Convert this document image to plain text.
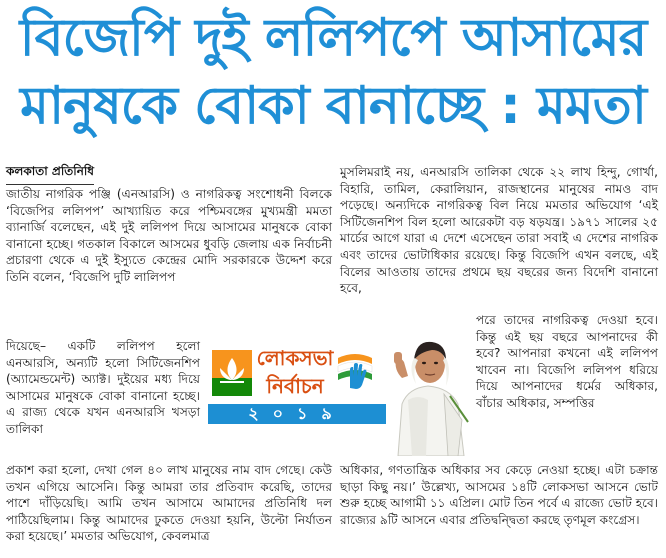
বিজেপি দুই ললিপপে আসামের
মানুষকে বোকা বানাচ্ছে : মমতা
কলকাতা প্রতিনিধি

জাতীয় নাগরিক পঞ্জি (এনআরসি) ও নাগরিকত্ব সংশোধনী বিলকে ‘বিজেপির ললিপপ’ আখ্যায়িত করে পশ্চিমবঙ্গের মুখ্যমন্ত্রী মমতা ব্যানার্জি বলেছেন, এই দুই ললিপপ দিয়ে আসামের মানুষকে বোকা বানানো হচ্ছে। গতকাল বিকালে আসমের ধুবড়ি জেলায় এক নির্বাচনী প্রচারণা থেকে এ দুই ইস্যুতে কেন্দ্রের মোদি সরকারকে উদ্দেশ করে তিনি বলেন, ‘বিজেপি দুটি লালিপপ

দিয়েছে– একটি ললিপপ হলো এনআরসি, অন্যটি হলো সিটিজেনশিপ (অ্যামেন্ডমেন্ট) অ্যাক্ট। দুইয়ের মধ্য দিয়ে আসামের মানুষকে বোকা বানানো হচ্ছে। এ রাজ্য থেকে যখন এনআরসি খসড়া তালিকা

প্রকাশ করা হলো, দেখা গেল ৪০ লাখ মানুষের নাম বাদ গেছে। কেউ তখন এগিয়ে আসেনি। কিন্তু আমরা তার প্রতিবাদ করেছি, তাদের পাশে দাঁড়িয়েছি। আমি তখন আসামে আমাদের প্রতিনিধি দল পাঠিয়েছিলাম। কিন্তু আমাদের ঢুকতে দেওয়া হয়নি, উল্টো নির্যাতন করা হয়েছে।’ মমতার অভিযোগ, কেবলমাত্র

মুসলিমরাই নয়, এনআরসি তালিকা থেকে ২২ লাখ হিন্দু, গোর্খা, বিহারি, তামিল, কেরালিয়ান, রাজস্থানের মানুষের নামও বাদ পড়েছে। অন্যদিকে নাগরিকত্ব বিল নিয়ে মমতার অভিযোগ ‘এই সিটিজেনশিপ বিল হলো আরেকটা বড় ষড়যন্ত্র। ১৯৭১ সালের ২৫ মার্চের আগে যারা এ দেশে এসেছেন তারা সবাই এ দেশের নাগরিক এবং তাদের ভোটাধিকার রয়েছে। কিন্তু বিজেপি এখন বলছে, এই বিলের আওতায় তাদের প্রথমে ছয় বছরের জন্য বিদেশি বানানো হবে,

পরে তাদের নাগরিকত্ব দেওয়া হবে। কিন্তু এই ছয় বছরে আপনাদের কী হবে? আপনারা কখনো এই ললিপপ খাবেন না। বিজেপি ললিপপ ধরিয়ে দিয়ে আপনাদের ধর্মের অধিকার, বাঁচার অধিকার, সম্পত্তির

অধিকার, গণতান্ত্রিক অধিকার সব কেড়ে নেওয়া হচ্ছে। এটা চক্রান্ত ছাড়া কিছু নয়।’ উল্লেখ্য, আসমের ১৪টি লোকসভা আসনে ভোট শুরু হচ্ছে আগামী ১১ এপ্রিল। মোট তিন পর্বে এ রাজ্যে ভোট হবে। রাজ্যের ৯টি আসনে এবার প্রতিদ্বন্দ্বিতা করছে তৃণমূল কংগ্রেস।

লোকসভা
নির্বাচন
২০১৯
